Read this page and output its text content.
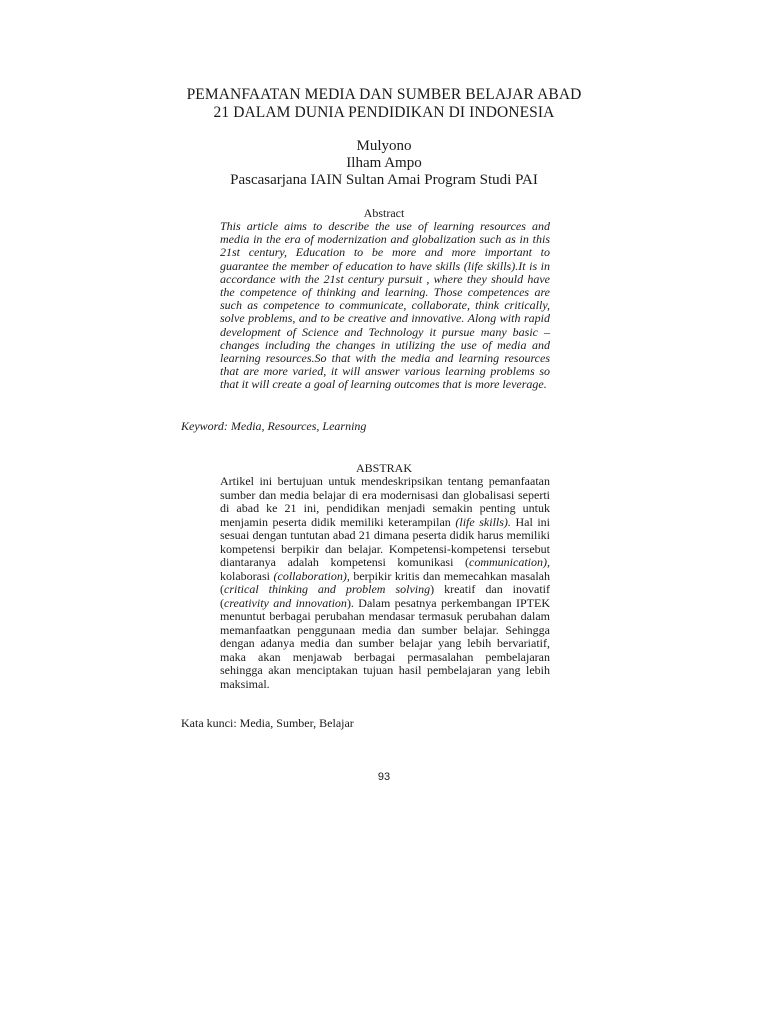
PEMANFAATAN MEDIA DAN SUMBER BELAJAR ABAD
21 DALAM DUNIA PENDIDIKAN DI INDONESIA
Mulyono
Ilham Ampo
Pascasarjana IAIN Sultan Amai Program Studi PAI
Abstract
This article aims to describe the use of learning resources and media in the era of modernization and globalization such as in this 21st century, Education to be more and more important to guarantee the member of education to have skills (life skills).It is in accordance with the 21st century pursuit , where they should have the competence of thinking and learning. Those competences are such as competence to communicate, collaborate, think critically, solve problems, and to be creative and innovative. Along with rapid development of Science and Technology it pursue many basic – changes including the changes in utilizing the use of media and learning resources.So that with the media and learning resources that are more varied, it will answer various learning problems so that it will create a goal of learning outcomes that is more leverage.
Keyword: Media, Resources, Learning
ABSTRAK
Artikel ini bertujuan untuk mendeskripsikan tentang pemanfaatan sumber dan media belajar di era modernisasi dan globalisasi seperti di abad ke 21 ini, pendidikan menjadi semakin penting untuk menjamin peserta didik memiliki keterampilan (life skills). Hal ini sesuai dengan tuntutan abad 21 dimana peserta didik harus memiliki kompetensi berpikir dan belajar. Kompetensi-kompetensi tersebut diantaranya adalah kompetensi komunikasi (communication), kolaborasi (collaboration), berpikir kritis dan memecahkan masalah (critical thinking and problem solving) kreatif dan inovatif (creativity and innovation). Dalam pesatnya perkembangan IPTEK menuntut berbagai perubahan mendasar termasuk perubahan dalam memanfaatkan penggunaan media dan sumber belajar. Sehingga dengan adanya media dan sumber belajar yang lebih bervariatif, maka akan menjawab berbagai permasalahan pembelajaran sehingga akan menciptakan tujuan hasil pembelajaran yang lebih maksimal.
Kata kunci: Media, Sumber, Belajar
93
